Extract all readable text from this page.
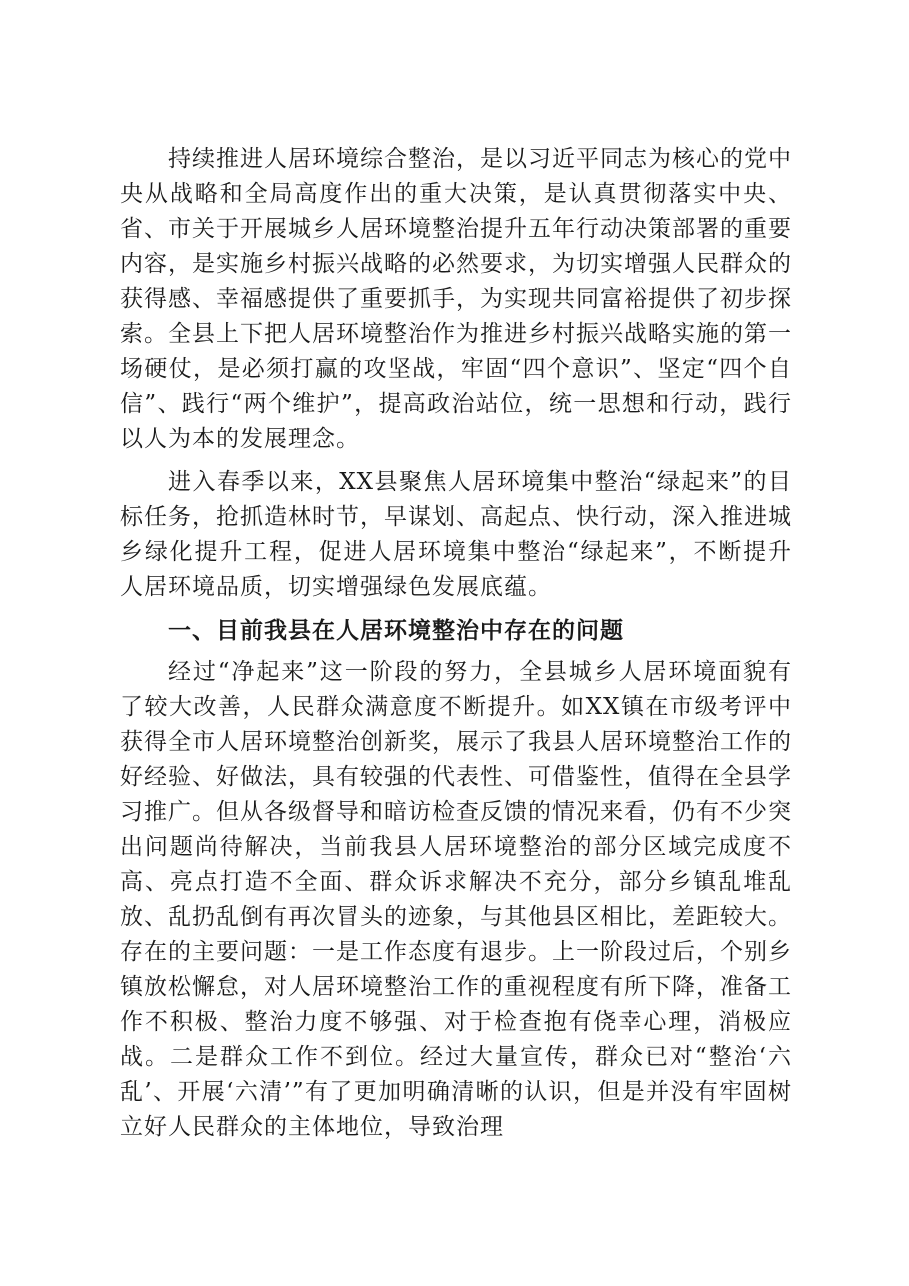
持续推进人居环境综合整治，是以习近平同志为核心的党中央从战略和全局高度作出的重大决策，是认真贯彻落实中央、省、市关于开展城乡人居环境整治提升五年行动决策部署的重要内容，是实施乡村振兴战略的必然要求，为切实增强人民群众的获得感、幸福感提供了重要抓手，为实现共同富裕提供了初步探索。全县上下把人居环境整治作为推进乡村振兴战略实施的第一场硬仗，是必须打赢的攻坚战，牢固“四个意识”、坚定“四个自信”、践行“两个维护”，提高政治站位，统一思想和行动，践行以人为本的发展理念。

进入春季以来，XX县聚焦人居环境集中整治“绿起来”的目标任务，抢抓造林时节，早谋划、高起点、快行动，深入推进城乡绿化提升工程，促进人居环境集中整治“绿起来”，不断提升人居环境品质，切实增强绿色发展底蕴。

一、目前我县在人居环境整治中存在的问题

经过“净起来”这一阶段的努力，全县城乡人居环境面貌有了较大改善，人民群众满意度不断提升。如XX镇在市级考评中获得全市人居环境整治创新奖，展示了我县人居环境整治工作的好经验、好做法，具有较强的代表性、可借鉴性，值得在全县学习推广。但从各级督导和暗访检查反馈的情况来看，仍有不少突出问题尚待解决，当前我县人居环境整治的部分区域完成度不高、亮点打造不全面、群众诉求解决不充分，部分乡镇乱堆乱放、乱扔乱倒有再次冒头的迹象，与其他县区相比，差距较大。存在的主要问题：一是工作态度有退步。上一阶段过后，个别乡镇放松懈怠，对人居环境整治工作的重视程度有所下降，准备工作不积极、整治力度不够强、对于检查抱有侥幸心理，消极应战。二是群众工作不到位。经过大量宣传，群众已对“整治‘六乱’、开展‘六清’”有了更加明确清晰的认识，但是并没有牢固树立好人民群众的主体地位，导致治理
